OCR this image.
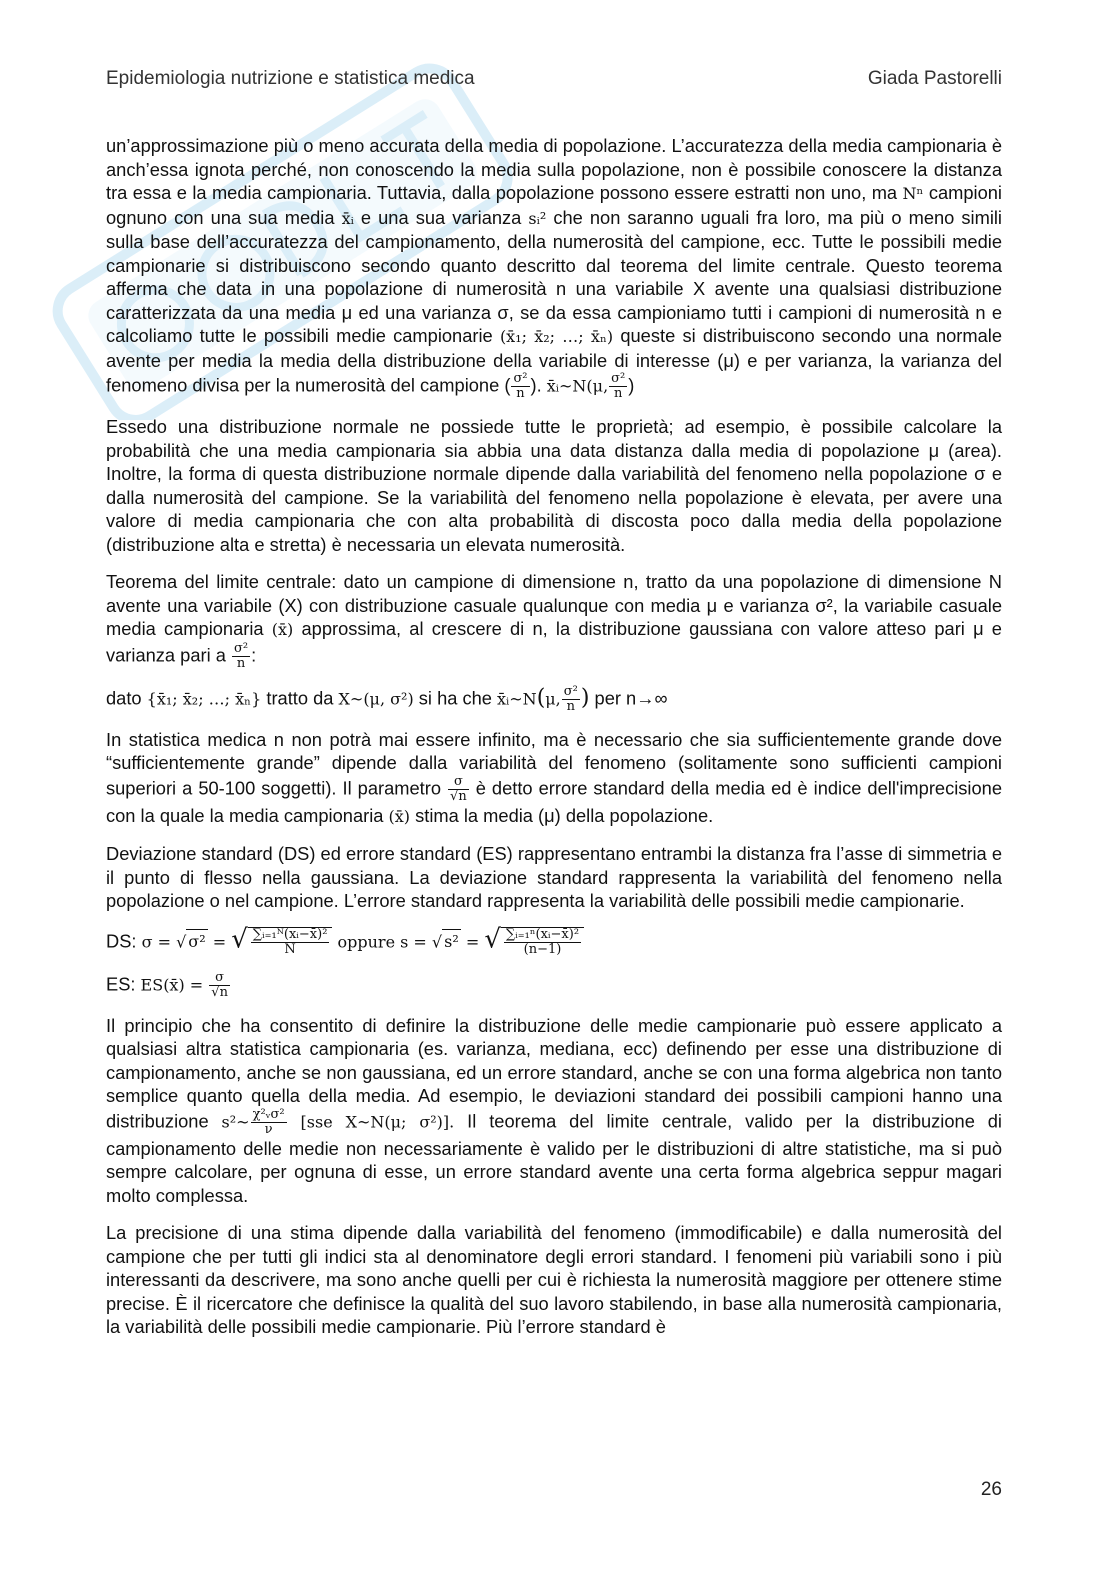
Epidemiologia nutrizione e statistica medica	Giada Pastorelli

un’approssimazione più o meno accurata della media di popolazione. L’accuratezza della media campionaria è anch’essa ignota perché, non conoscendo la media sulla popolazione, non è possibile conoscere la distanza tra essa e la media campionaria. Tuttavia, dalla popolazione possono essere estratti non uno, ma Nⁿ campioni ognuno con una sua media x̄ᵢ e una sua varianza sᵢ² che non saranno uguali fra loro, ma più o meno simili sulla base dell’accuratezza del campionamento, della numerosità del campione, ecc. Tutte le possibili medie campionarie si distribuiscono secondo quanto descritto dal teorema del limite centrale. Questo teorema afferma che data in una popolazione di numerosità n una variabile X avente una qualsiasi distribuzione caratterizzata da una media μ ed una varianza σ, se da essa campioniamo tutti i campioni di numerosità n e calcoliamo tutte le possibili medie campionarie (x̄₁; x̄₂; …; x̄ₙ) queste si distribuiscono secondo una normale avente per media la media della distribuzione della variabile di interesse (μ) e per varianza, la varianza del fenomeno divisa per la numerosità del campione ( $\frac{\text{σ²}}{n}$ ). x̄ᵢ~N(μ, $\frac{\text{σ²}}{n}$ )

Essedo una distribuzione normale ne possiede tutte le proprietà; ad esempio, è possibile calcolare la probabilità che una media campionaria sia abbia una data distanza dalla media di popolazione μ (area). Inoltre, la forma di questa distribuzione normale dipende dalla variabilità del fenomeno nella popolazione σ e dalla numerosità del campione. Se la variabilità del fenomeno nella popolazione è elevata, per avere una valore di media campionaria che con alta probabilità di discosta poco dalla media della popolazione (distribuzione alta e stretta) è necessaria un elevata numerosità.

Teorema del limite centrale: dato un campione di dimensione n, tratto da una popolazione di dimensione N avente una variabile (X) con distribuzione casuale qualunque con media μ e varianza σ², la variabile casuale media campionaria (x̄) approssima, al crescere di n, la distribuzione gaussiana con valore atteso pari μ e varianza pari a $\frac{\text{σ²}}{n}$ :

dato {x̄₁; x̄₂; …; x̄ₙ} tratto da X~(μ, σ²) si ha che x̄ᵢ~N(μ, $\frac{\text{σ²}}{n}$ ) per n→∞

In statistica medica n non potrà mai essere infinito, ma è necessario che sia sufficientemente grande dove “sufficientemente grande” dipende dalla variabilità del fenomeno (solitamente sono sufficienti campioni superiori a 50-100 soggetti). Il parametro $\frac{\sigma}{√n}$ è detto errore standard della media ed è indice dell'imprecisione con la quale la media campionaria (x̄) stima la media (μ) della popolazione.

Deviazione standard (DS) ed errore standard (ES) rappresentano entrambi la distanza fra l’asse di simmetria e il punto di flesso nella gaussiana. La deviazione standard rappresenta la variabilità del fenomeno nella popolazione o nel campione. L’errore standard rappresenta la variabilità delle possibili medie campionarie.

DS: σ = √ σ² = √ $\frac{\text{∑ᵢ₌₁ᴺ(xᵢ−x̄)²}}{N}$ oppure s = √ s² = √ $\frac{\text{∑ᵢ₌₁ⁿ(xᵢ−x̄)²}}{(n-1)}$

ES: ES(x̄) = $\frac{\sigma}{√n}$

Il principio che ha consentito di definire la distribuzione delle medie campionarie può essere applicato a qualsiasi altra statistica campionaria (es. varianza, mediana, ecc) definendo per esse una distribuzione di campionamento, anche se non gaussiana, ed un errore standard, anche se con una forma algebrica non tanto semplice quanto quella della media. Ad esempio, le deviazioni standard dei possibili campioni hanno una distribuzione s²~ $\frac{\text{χ²ᵥσ²}}{\nu} [sse$ X~N(μ; σ²)]. Il teorema del limite centrale, valido per la distribuzione di campionamento delle medie non necessariamente è valido per le distribuzioni di altre statistiche, ma si può sempre calcolare, per ognuna di esse, un errore standard avente una certa forma algebrica seppur magari molto complessa.

La precisione di una stima dipende dalla variabilità del fenomeno (immodificabile) e dalla numerosità del campione che per tutti gli indici sta al denominatore degli errori standard. I fenomeni più variabili sono i più interessanti da descrivere, ma sono anche quelli per cui è richiesta la numerosità maggiore per ottenere stime precise. È il ricercatore che definisce la qualità del suo lavoro stabilendo, in base alla numerosità campionaria, la variabilità delle possibili medie campionarie. Più l’errore standard è

26
